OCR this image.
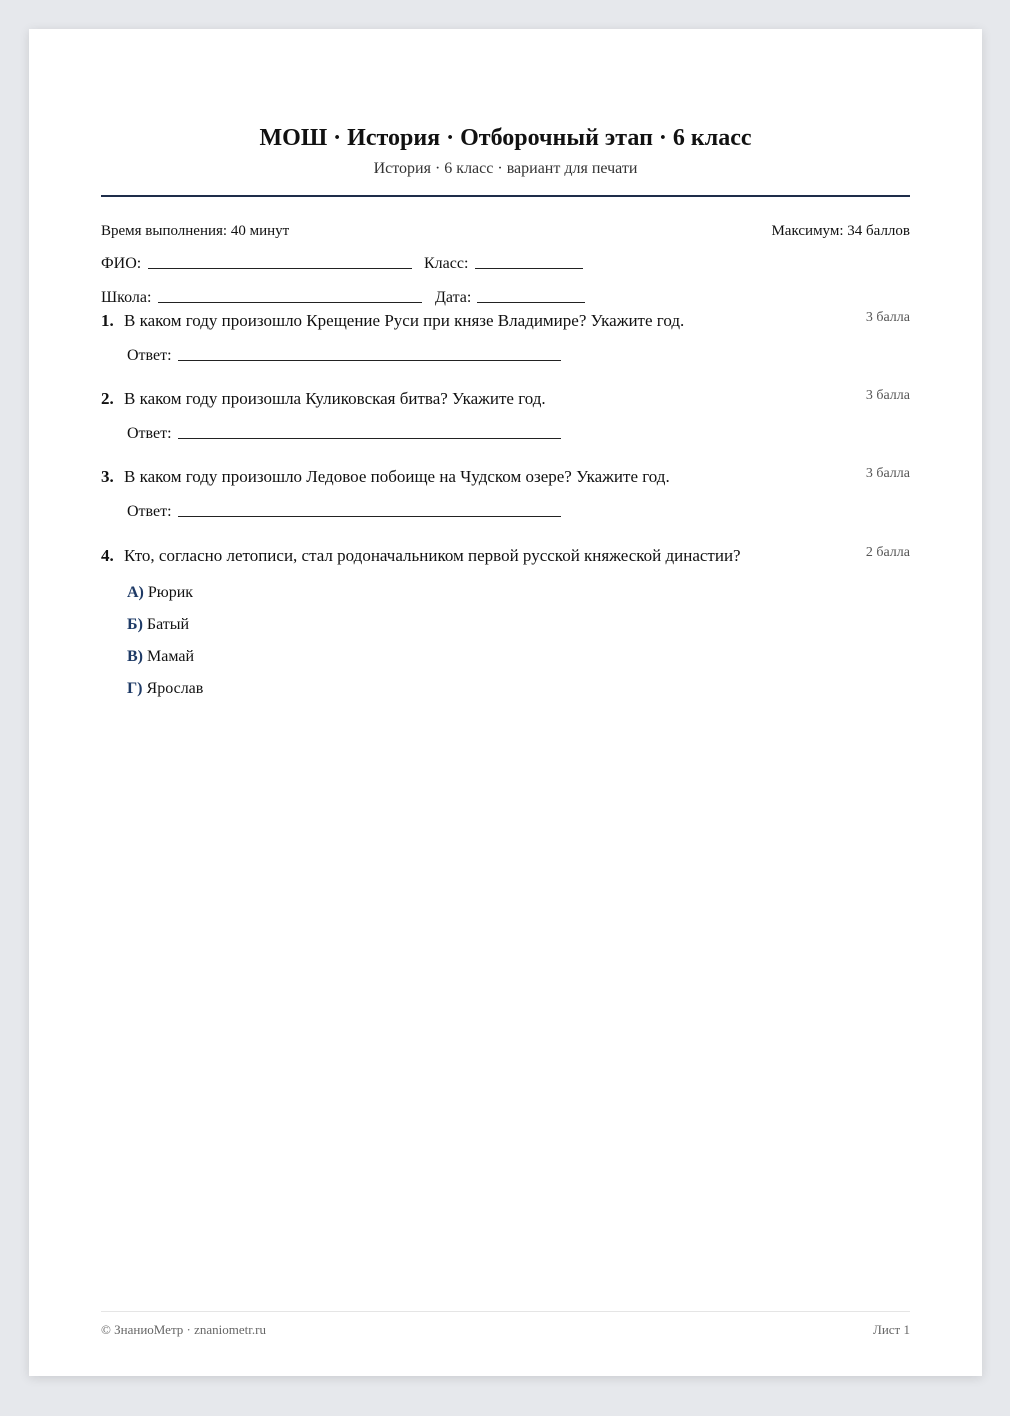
МОШ · История · Отборочный этап · 6 класс
История · 6 класс · вариант для печати
Время выполнения: 40 минут	Максимум: 34 баллов
ФИО:	Класс:
Школа:	Дата:
1. В каком году произошло Крещение Руси при князе Владимире? Укажите год.	3 балла
Ответ:
2. В каком году произошла Куликовская битва? Укажите год.	3 балла
Ответ:
3. В каком году произошло Ледовое побоище на Чудском озере? Укажите год.	3 балла
Ответ:
4. Кто, согласно летописи, стал родоначальником первой русской княжеской династии?	2 балла
А) Рюрик
Б) Батый
В) Мамай
Г) Ярослав
© ЗнаниоМетр · znaniometr.ru	Лист 1
